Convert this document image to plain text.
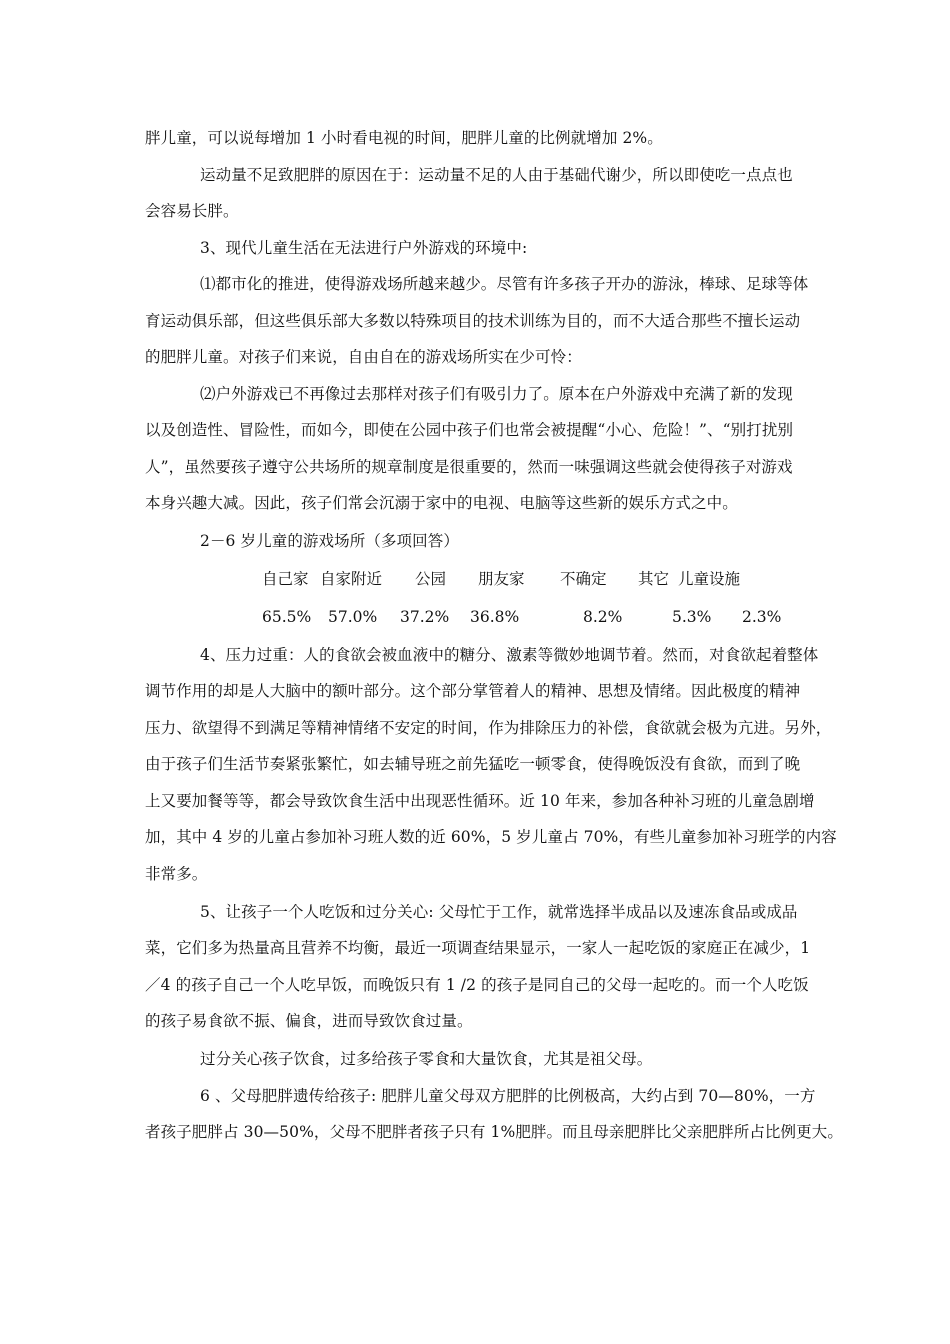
胖儿童，可以说每增加 1 小时看电视的时间，肥胖儿童的比例就增加 2%。
运动量不足致肥胖的原因在于：运动量不足的人由于基础代谢少，所以即使吃一点点也
会容易长胖。
3、现代儿童生活在无法进行户外游戏的环境中:
⑴都市化的推进，使得游戏场所越来越少。尽管有许多孩子开办的游泳，棒球、足球等体
育运动俱乐部，但这些俱乐部大多数以特殊项目的技术训练为目的，而不大适合那些不擅长运动
的肥胖儿童。对孩子们来说，自由自在的游戏场所实在少可怜：
⑵户外游戏已不再像过去那样对孩子们有吸引力了。原本在户外游戏中充满了新的发现
以及创造性、冒险性，而如今，即使在公园中孩子们也常会被提醒“小心、危险！”、“别打扰别
人”，虽然要孩子遵守公共场所的规章制度是很重要的，然而一味强调这些就会使得孩子对游戏
本身兴趣大减。因此，孩子们常会沉溺于家中的电视、电脑等这些新的娱乐方式之中。
2－6 岁儿童的游戏场所（多项回答）
自己家 自家附近 公园 朋友家 不确定 其它 儿童设施
65.5% 57.0% 37.2% 36.8%	8.2%	5.3% 2.3%
4、压力过重：人的食欲会被血液中的糖分、激素等微妙地调节着。然而，对食欲起着整体
调节作用的却是人大脑中的额叶部分。这个部分掌管着人的精神、思想及情绪。因此极度的精神
压力、欲望得不到满足等精神情绪不安定的时间，作为排除压力的补偿，食欲就会极为亢进。另外，
由于孩子们生活节奏紧张繁忙，如去辅导班之前先猛吃一顿零食，使得晚饭没有食欲，而到了晚
上又要加餐等等，都会导致饮食生活中出现恶性循环。近 10 年来，参加各种补习班的儿童急剧增
加，其中 4 岁的儿童占参加补习班人数的近 60%，5 岁儿童占 70%，有些儿童参加补习班学的内容
非常多。
5、让孩子一个人吃饭和过分关心: 父母忙于工作，就常选择半成品以及速冻食品或成品
菜，它们多为热量高且营养不均衡，最近一项调查结果显示，一家人一起吃饭的家庭正在减少，1
／4 的孩子自己一个人吃早饭，而晚饭只有 1 /2 的孩子是同自己的父母一起吃的。而一个人吃饭
的孩子易食欲不振、偏食，进而导致饮食过量。
过分关心孩子饮食，过多给孩子零食和大量饮食，尤其是祖父母。
6 、父母肥胖遗传给孩子: 肥胖儿童父母双方肥胖的比例极高，大约占到 70—80%，一方
者孩子肥胖占 30—50%，父母不肥胖者孩子只有 1%肥胖。而且母亲肥胖比父亲肥胖所占比例更大。
